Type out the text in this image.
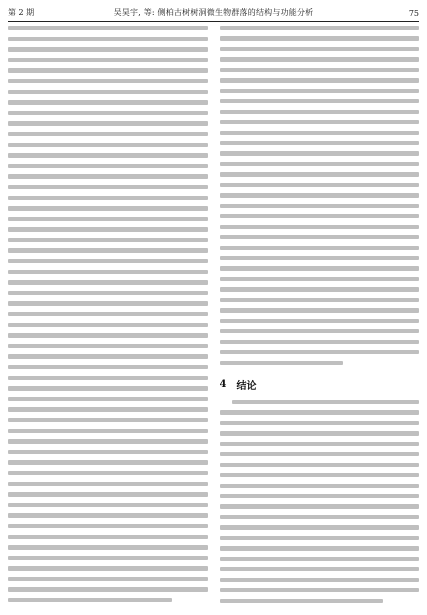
第 2 期	吴昊宇, 等: 侧柏古树树洞微生物群落的结构与功能分析	75
4 结论
